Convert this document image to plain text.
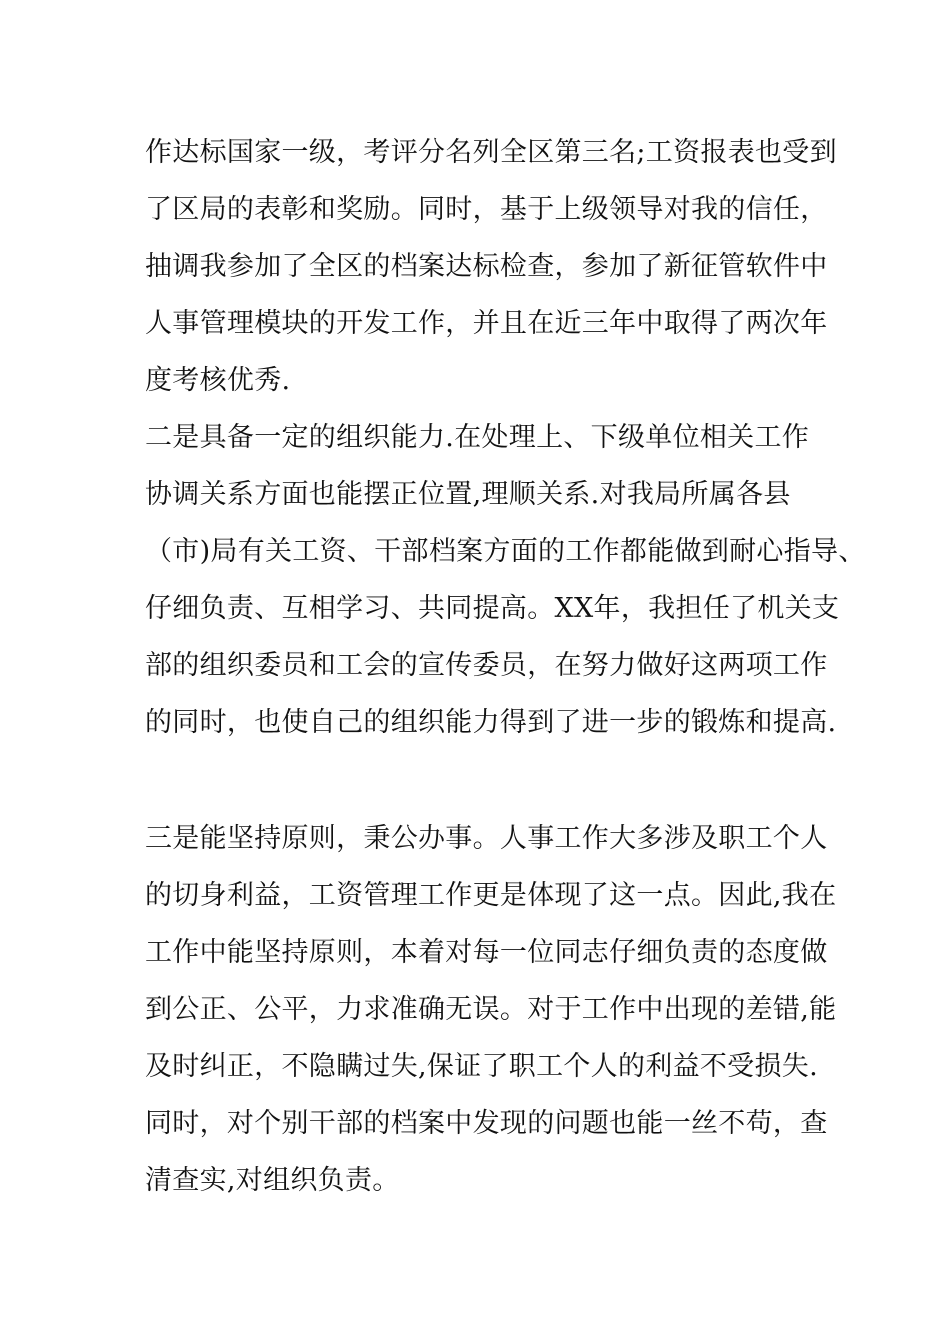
作达标国家一级，考评分名列全区第三名;工资报表也受到
了区局的表彰和奖励。同时，基于上级领导对我的信任，
抽调我参加了全区的档案达标检查，参加了新征管软件中
人事管理模块的开发工作，并且在近三年中取得了两次年
度考核优秀.
二是具备一定的组织能力.在处理上、下级单位相关工作
协调关系方面也能摆正位置,理顺关系.对我局所属各县
（市)局有关工资、干部档案方面的工作都能做到耐心指导、
仔细负责、互相学习、共同提高。XX年，我担任了机关支
部的组织委员和工会的宣传委员，在努力做好这两项工作
的同时，也使自己的组织能力得到了进一步的锻炼和提高.
三是能坚持原则，秉公办事。人事工作大多涉及职工个人
的切身利益，工资管理工作更是体现了这一点。因此,我在
工作中能坚持原则，本着对每一位同志仔细负责的态度做
到公正、公平，力求准确无误。对于工作中出现的差错,能
及时纠正，不隐瞒过失,保证了职工个人的利益不受损失.
同时，对个别干部的档案中发现的问题也能一丝不苟，查
清查实,对组织负责。
